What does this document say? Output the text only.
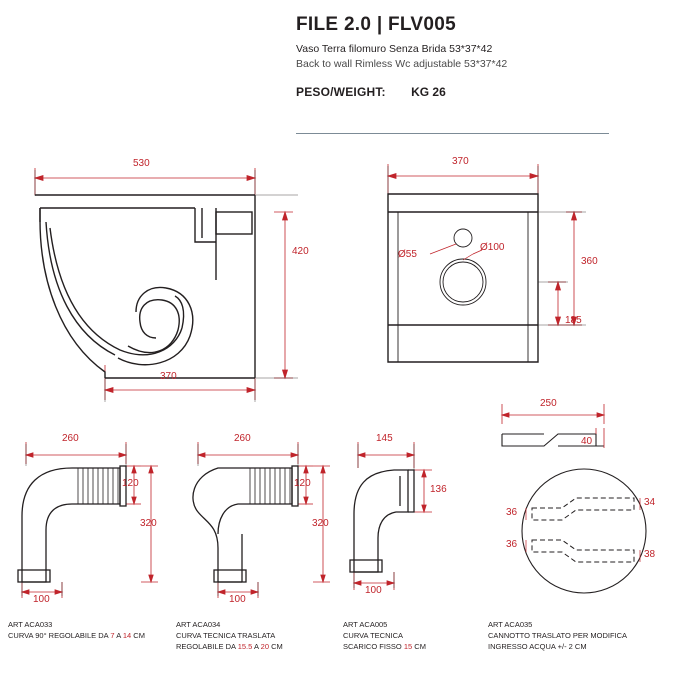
FILE 2.0 | FLV005
Vaso Terra filomuro Senza Brida 53*37*42
Back to wall Rimless Wc adjustable 53*37*42
PESO/WEIGHT: KG 26
530
420
370
370
360
185
Ø55
Ø100
260
120
320
100
260
120
320
100
145
136
100
250
40
36
36
34
38
ART ACA033
CURVA 90° REGOLABILE DA 7 A 14 CM
ART ACA034
CURVA TECNICA TRASLATA
REGOLABILE DA 15.5 A 20 CM
ART ACA005
CURVA TECNICA
SCARICO FISSO 15 CM
ART ACA035
CANNOTTO TRASLATO PER MODIFICA
INGRESSO ACQUA +/- 2 CM
